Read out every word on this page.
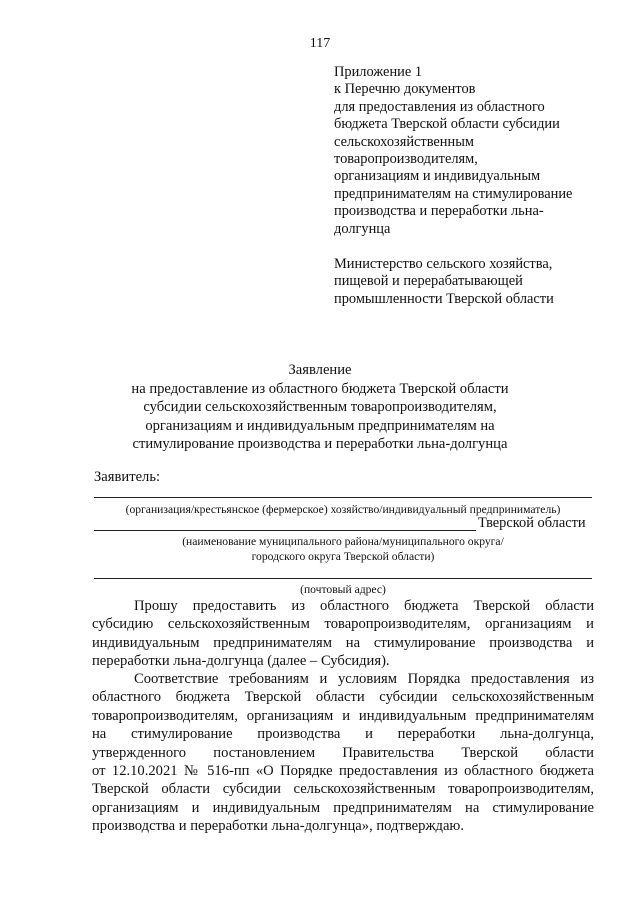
117
Приложение 1
к Перечню документов
для предоставления из областного
бюджета Тверской области субсидии
сельскохозяйственным
товаропроизводителям,
организациям и индивидуальным
предпринимателям на стимулирование
производства и переработки льна-
долгунца
Министерство сельского хозяйства,
пищевой и перерабатывающей
промышленности Тверской области
Заявление
на предоставление из областного бюджета Тверской области
субсидии сельскохозяйственным товаропроизводителям,
организациям и индивидуальным предпринимателям на
стимулирование производства и переработки льна-долгунца
Заявитель:
(организация/крестьянское (фермерское) хозяйство/индивидуальный предприниматель)
Тверской области
(наименование муниципального района/муниципального округа/
городского округа Тверской области)
(почтовый адрес)
Прошу предоставить из областного бюджета Тверской области
субсидию сельскохозяйственным товаропроизводителям, организациям и
индивидуальным предпринимателям на стимулирование производства и
переработки льна-долгунца (далее – Субсидия).
Соответствие требованиям и условиям Порядка предоставления из
областного бюджета Тверской области субсидии сельскохозяйственным
товаропроизводителям, организациям и индивидуальным предпринимателям
на стимулирование производства и переработки льна-долгунца,
утвержденного постановлением Правительства Тверской области
от 12.10.2021 № 516-пп «О Порядке предоставления из областного бюджета
Тверской области субсидии сельскохозяйственным товаропроизводителям,
организациям и индивидуальным предпринимателям на стимулирование
производства и переработки льна-долгунца», подтверждаю.
